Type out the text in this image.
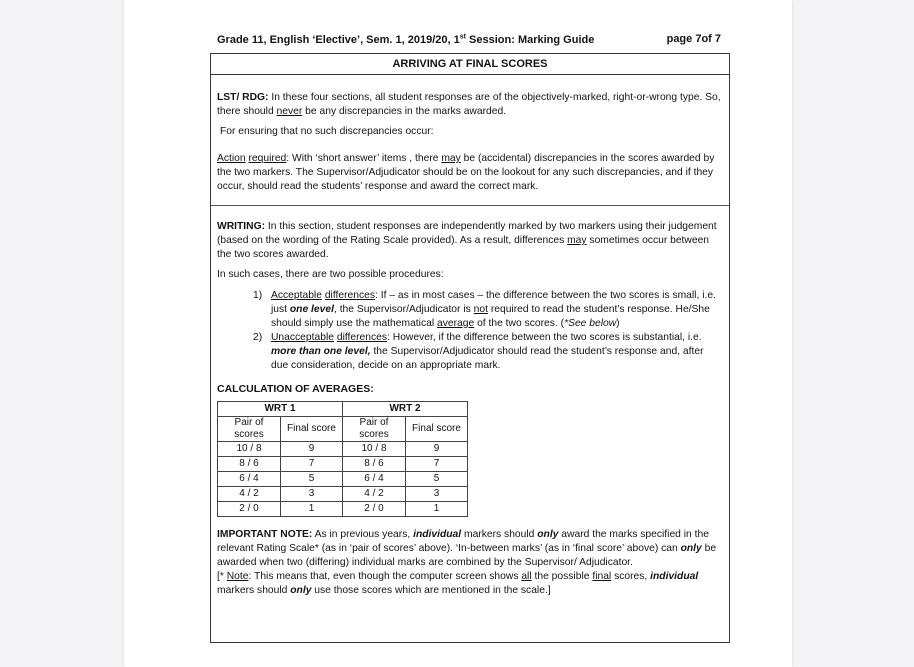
Grade 11, English ‘Elective’, Sem. 1, 2019/20, 1st Session: Marking Guide	page 7of 7
ARRIVING AT FINAL SCORES

LST/ RDG: In these four sections, all student responses are of the objectively-marked, right-or-wrong type. So, there should never be any discrepancies in the marks awarded.

For ensuring that no such discrepancies occur:

Action required: With ‘short answer’ items , there may be (accidental) discrepancies in the scores awarded by the two markers. The Supervisor/Adjudicator should be on the lookout for any such discrepancies, and if they occur, should read the students’ response and award the correct mark.

WRITING: In this section, student responses are independently marked by two markers using their judgement (based on the wording of the Rating Scale provided). As a result, differences may sometimes occur between the two scores awarded.

In such cases, there are two possible procedures:

1) Acceptable differences: If – as in most cases – the difference between the two scores is small, i.e. just one level, the Supervisor/Adjudicator is not required to read the student’s response. He/She should simply use the mathematical average of the two scores. (*See below)
2) Unacceptable differences: However, if the difference between the two scores is substantial, i.e. more than one level, the Supervisor/Adjudicator should read the student’s response and, after due consideration, decide on an appropriate mark.

CALCULATION OF AVERAGES:

WRT 1		WRT 2	
Pair of scores	Final score	Pair of scores	Final score
10 / 8	9	10 / 8	9
8 / 6	7	8 / 6	7
6 / 4	5	6 / 4	5
4 / 2	3	4 / 2	3
2 / 0	1	2 / 0	1

IMPORTANT NOTE: As in previous years, individual markers should only award the marks specified in the relevant Rating Scale* (as in ‘pair of scores’ above). ‘In-between marks’ (as in ‘final score’ above) can only be awarded when two (differing) individual marks are combined by the Supervisor/ Adjudicator.
[* Note: This means that, even though the computer screen shows all the possible final scores, individual markers should only use those scores which are mentioned in the scale.]
